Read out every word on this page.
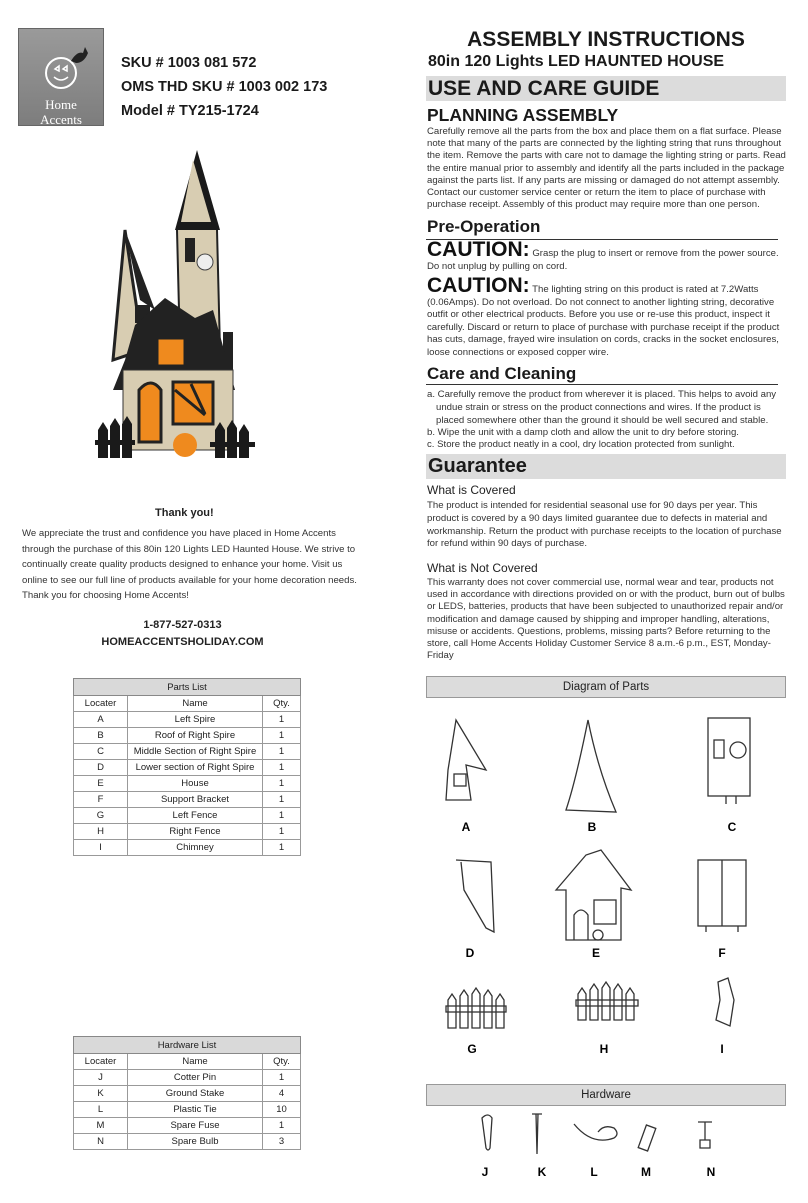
Home
Accents
SKU # 1003 081 572
OMS THD SKU # 1003 002 173
Model # TY215-1724
ASSEMBLY INSTRUCTIONS
80in 120 Lights LED HAUNTED HOUSE
USE AND CARE GUIDE
PLANNING ASSEMBLY
Carefully remove all the parts from the box and place them on a flat surface. Please note that many of the parts are connected by the lighting string that runs throughout the item. Remove the parts with care not to damage the lighting string or parts. Read the entire manual prior to assembly and identify all the parts included in the package against the parts list. If any parts are missing or damaged do not attempt assembly. Contact our customer service center or return the item to place of purchase with purchase receipt. Assembly of this product may require more than one person.
Pre-Operation
CAUTION: Grasp the plug to insert or remove from the power source. Do not unplug by pulling on cord.
CAUTION: The lighting string on this product is rated at 7.2Watts (0.06Amps). Do not overload. Do not connect to another lighting string, decorative outfit or other electrical products. Before you use or re-use this product, inspect it carefully. Discard or return to place of purchase with purchase receipt if the product has cuts, damage, frayed wire insulation on cords, cracks in the socket enclosures, loose connections or exposed copper wire.
Care and Cleaning
a. Carefully remove the product from wherever it is placed. This helps to avoid any
undue strain or stress on the product connections and wires. If the product is
placed somewhere other than the ground it should be well secured and stable.
b. Wipe the unit with a damp cloth and allow the unit to dry before storing.
c. Store the product neatly in a cool, dry location protected from sunlight.
Guarantee
What is Covered
The product is intended for residential seasonal use for 90 days per year. This product is covered by a 90 days limited guarantee due to defects in material and workmanship. Return the product with purchase receipts to the location of purchase for refund within 90 days of purchase.
What is Not Covered
This warranty does not cover commercial use, normal wear and tear, products not used in accordance with directions provided on or with the product, burn out of bulbs or LEDS, batteries, products that have been subjected to unauthorized repair and/or modification and damage caused by shipping and improper handling, alterations, misuse or accidents. Questions, problems, missing parts? Before returning to the store, call Home Accents Holiday Customer Service 8 a.m.-6 p.m., EST, Monday-Friday
Thank you!
We appreciate the trust and confidence you have placed in Home Accents through the purchase of this 80in 120 Lights LED Haunted House. We strive to continually create quality products designed to enhance your home. Visit us online to see our full line of products available for your home decoration needs. Thank you for choosing Home Accents!
1-877-527-0313
HOMEACCENTSHOLIDAY.COM
Parts List		
Locater	Name	Qty.
A	Left Spire	1
B	Roof of Right Spire	1
C	Middle Section of Right Spire	1
D	Lower section of Right Spire	1
E	House	1
F	Support Bracket	1
G	Left Fence	1
H	Right Fence	1
I	Chimney	1
Hardware List		
Locater	Name	Qty.
J	Cotter Pin	1
K	Ground Stake	4
L	Plastic Tie	10
M	Spare Fuse	1
N	Spare Bulb	3
Diagram of Parts
A	B	C
D	E	F
G	H	I
Hardware
J	K	L	M	N
